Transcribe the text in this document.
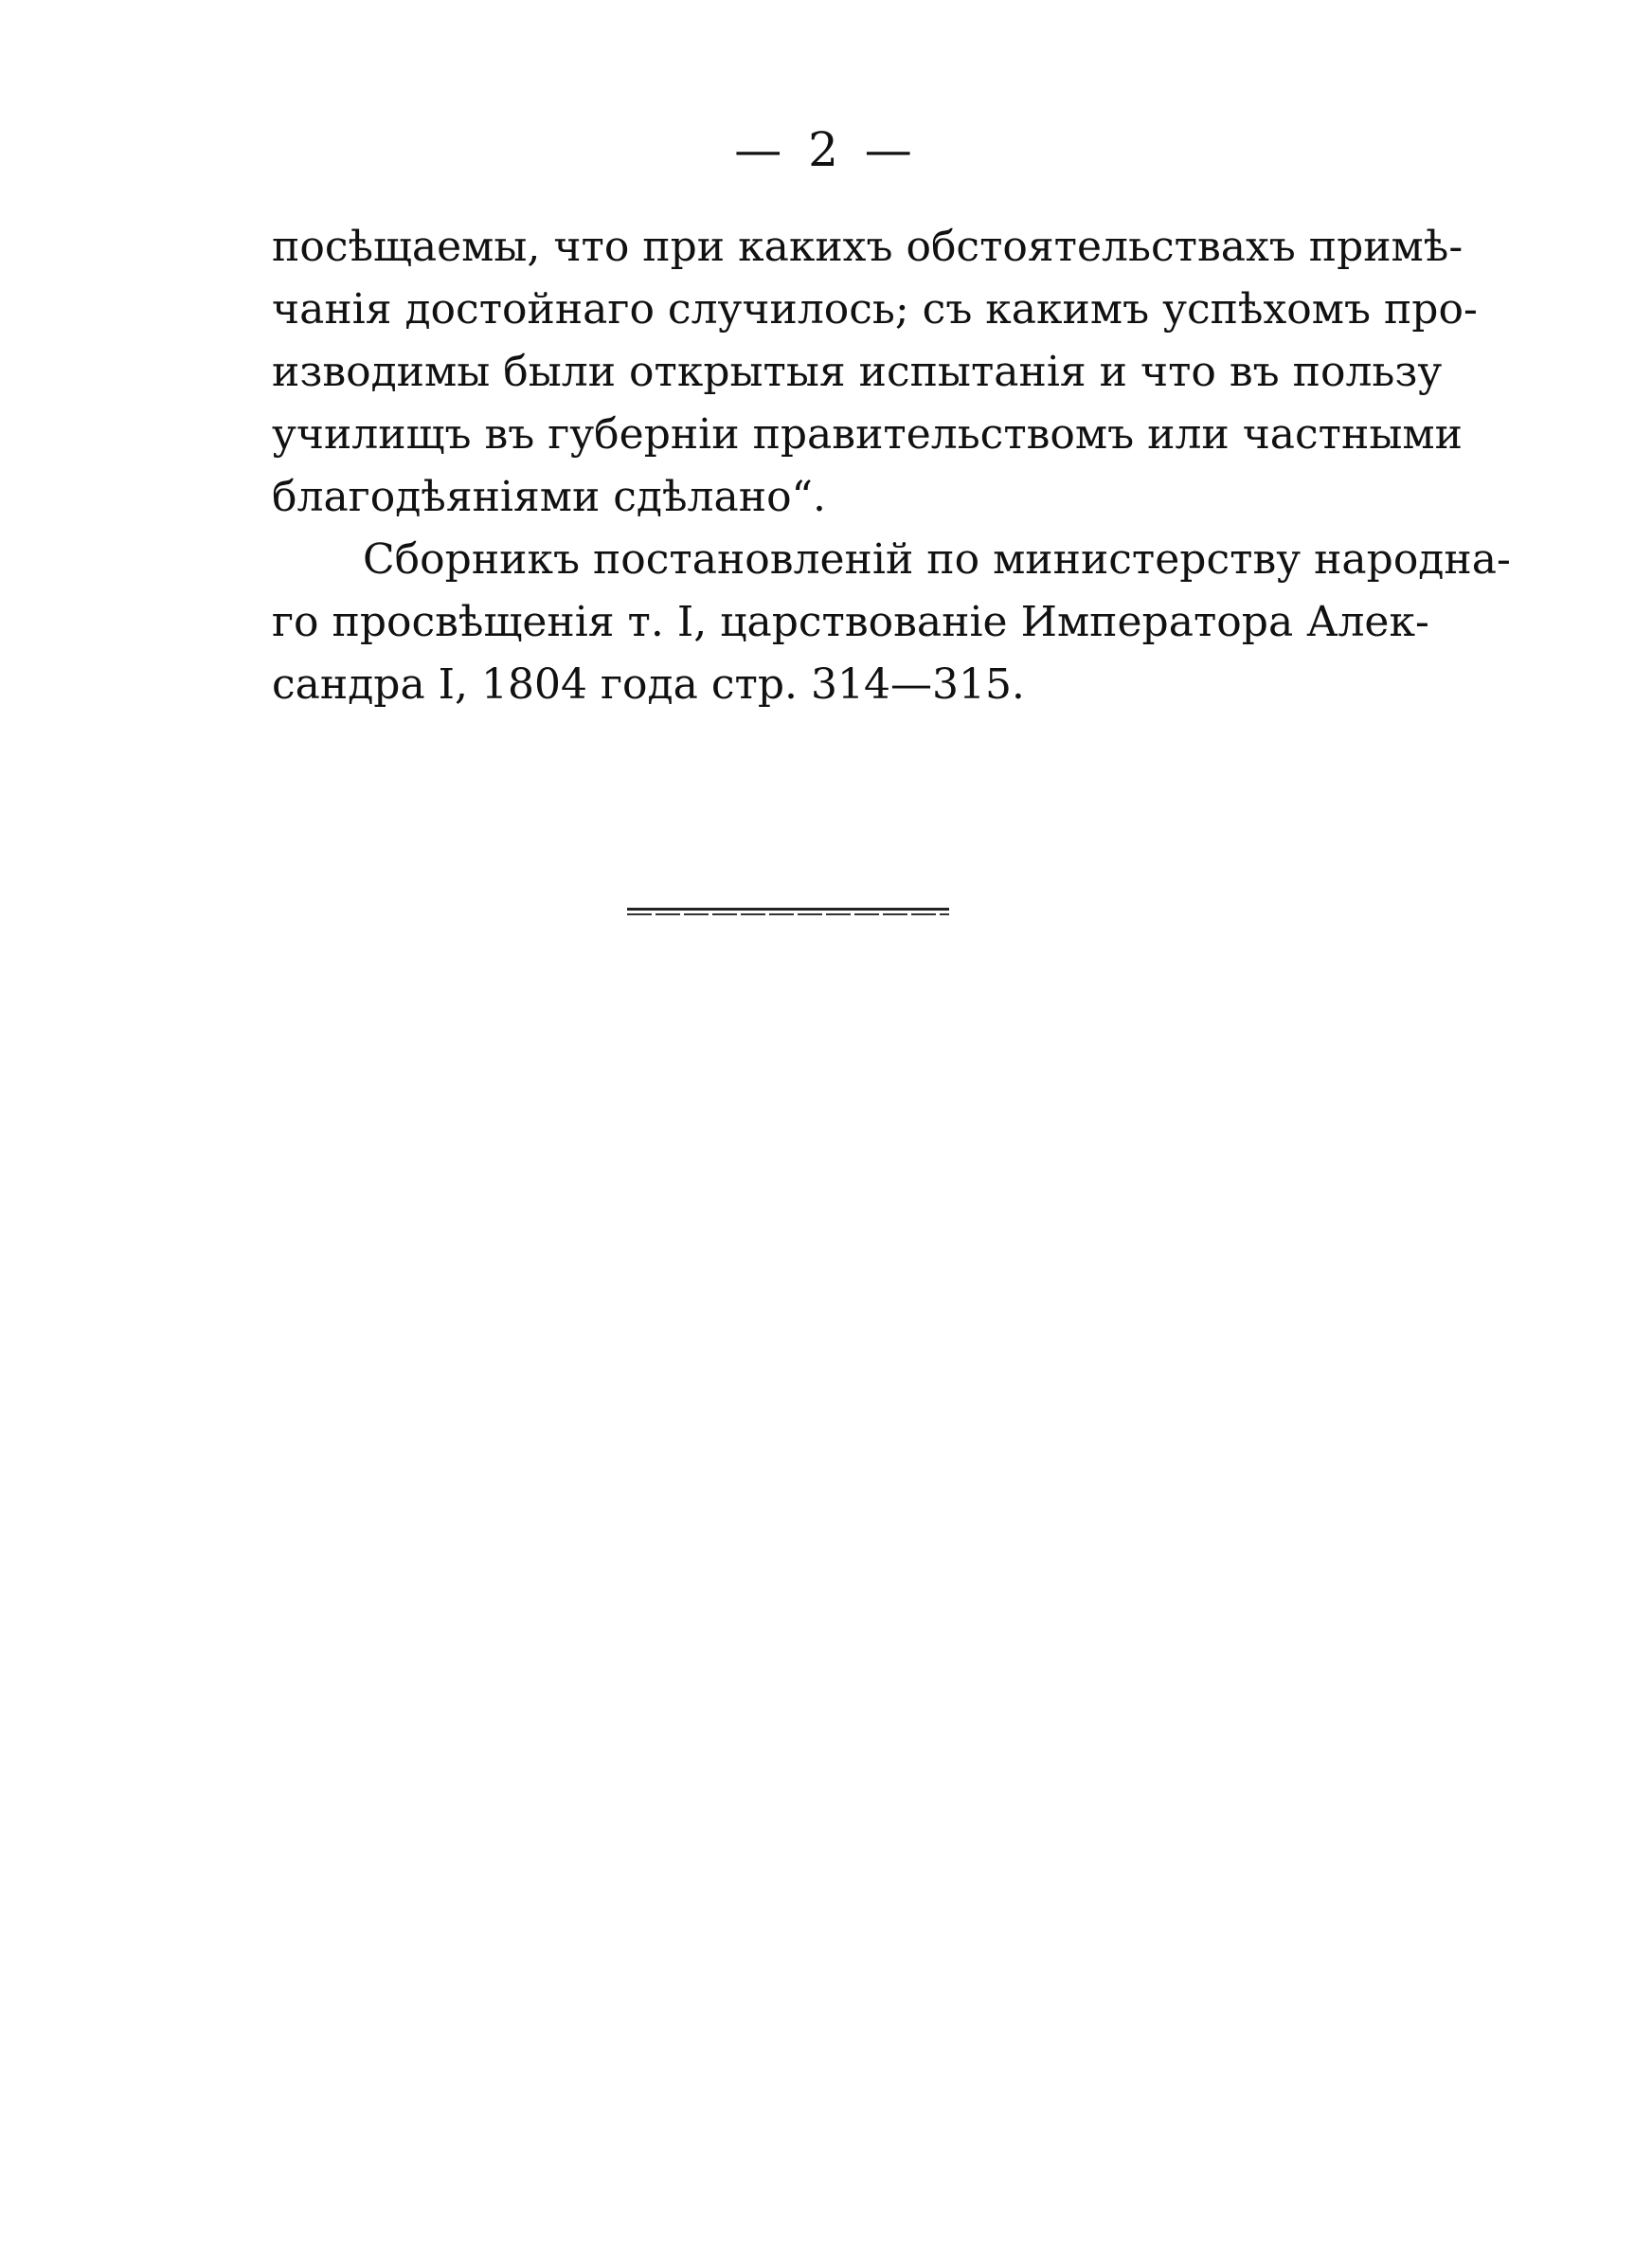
— 2 —
посѣщаемы, что при какихъ обстоятельствахъ примѣ-
чанія достойнаго случилось; съ какимъ успѣхомъ про-
изводимы были открытыя испытанія и что въ пользу
училищъ въ губерніи правительствомъ или частными
благодѣяніями сдѣлано“.
Сборникъ постановленій по министерству народна-
го просвѣщенія т. I, царствованіе Императора Алек-
сандра I, 1804 года стр. 314—315.
